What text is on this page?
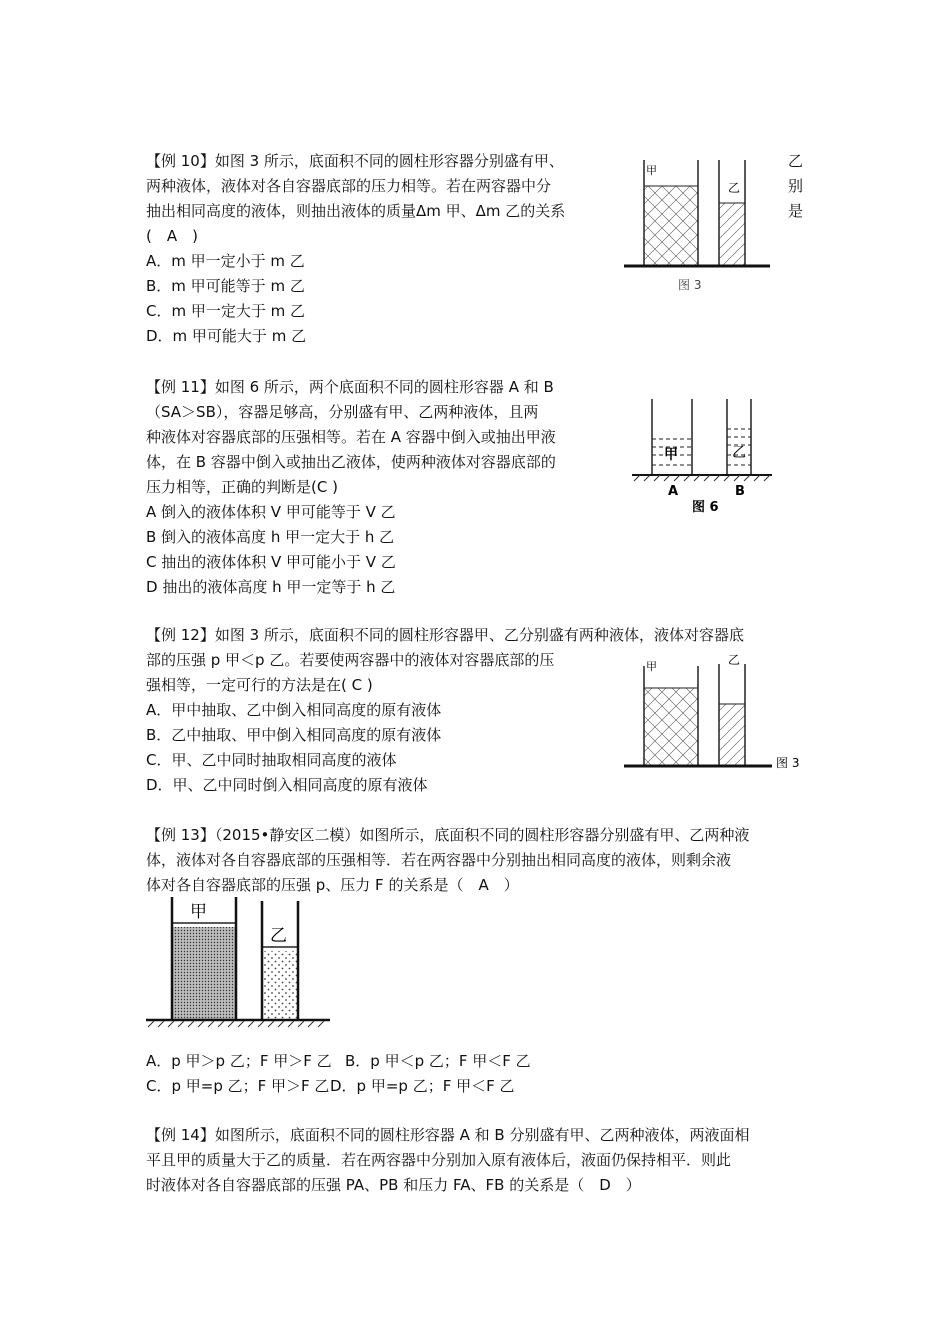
【例 10】如图 3 所示，底面积不同的圆柱形容器分别盛有甲、
两种液体，液体对各自容器底部的压力相等。若在两容器中分
抽出相同高度的液体，则抽出液体的质量Δm 甲、Δm 乙的关系
(　A　)
A．m 甲一定小于 m 乙
B．m 甲可能等于 m 乙
C．m 甲一定大于 m 乙
D．m 甲可能大于 m 乙
乙
别
是
甲
乙
图 3
【例 11】如图 6 所示，两个底面积不同的圆柱形容器 A 和 B
（SA＞SB），容器足够高，分别盛有甲、乙两种液体，且两
种液体对容器底部的压强相等。若在 A 容器中倒入或抽出甲液
体，在 B 容器中倒入或抽出乙液体，使两种液体对容器底部的
压力相等，正确的判断是(C )
A 倒入的液体体积 V 甲可能等于 V 乙
B 倒入的液体高度 h 甲一定大于 h 乙
C 抽出的液体体积 V 甲可能小于 V 乙
D 抽出的液体高度 h 甲一定等于 h 乙
甲	乙
A	B
图 6
【例 12】如图 3 所示，底面积不同的圆柱形容器甲、乙分别盛有两种液体，液体对容器底
部的压强 p 甲＜p 乙。若要使两容器中的液体对容器底部的压
强相等，一定可行的方法是在( C )
A．甲中抽取、乙中倒入相同高度的原有液体
B．乙中抽取、甲中倒入相同高度的原有液体
C．甲、乙中同时抽取相同高度的液体
D．甲、乙中同时倒入相同高度的原有液体
甲	乙
图 3
【例 13】（2015•静安区二模）如图所示，底面积不同的圆柱形容器分别盛有甲、乙两种液
体，液体对各自容器底部的压强相等．若在两容器中分别抽出相同高度的液体，则剩余液
体对各自容器底部的压强 p、压力 F 的关系是（　A　）
甲
乙
A．p 甲＞p 乙；F 甲＞F 乙 B．p 甲＜p 乙；F 甲＜F 乙
C．p 甲=p 乙；F 甲＞F 乙 D．p 甲=p 乙；F 甲＜F 乙
【例 14】如图所示，底面积不同的圆柱形容器 A 和 B 分别盛有甲、乙两种液体，两液面相
平且甲的质量大于乙的质量．若在两容器中分别加入原有液体后，液面仍保持相平．则此
时液体对各自容器底部的压强 PA、PB 和压力 FA、FB 的关系是（　D　）
